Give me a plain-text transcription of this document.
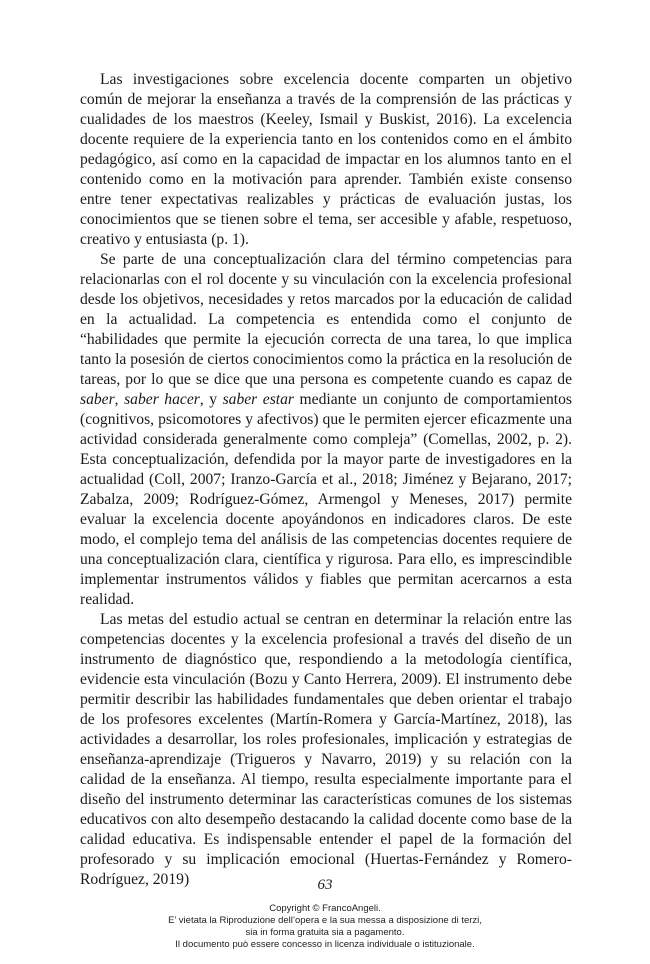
Las investigaciones sobre excelencia docente comparten un objetivo común de mejorar la enseñanza a través de la comprensión de las prácticas y cualidades de los maestros (Keeley, Ismail y Buskist, 2016). La excelencia docente requiere de la experiencia tanto en los contenidos como en el ámbito pedagógico, así como en la capacidad de impactar en los alumnos tanto en el contenido como en la motivación para aprender. También existe consenso entre tener expectativas realizables y prácticas de evaluación justas, los conocimientos que se tienen sobre el tema, ser accesible y afable, respetuoso, creativo y entusiasta (p. 1).

Se parte de una conceptualización clara del término competencias para relacionarlas con el rol docente y su vinculación con la excelencia profesional desde los objetivos, necesidades y retos marcados por la educación de calidad en la actualidad. La competencia es entendida como el conjunto de “habilidades que permite la ejecución correcta de una tarea, lo que implica tanto la posesión de ciertos conocimientos como la práctica en la resolución de tareas, por lo que se dice que una persona es competente cuando es capaz de saber, saber hacer, y saber estar mediante un conjunto de comportamientos (cognitivos, psicomotores y afectivos) que le permiten ejercer eficazmente una actividad considerada generalmente como compleja” (Comellas, 2002, p. 2). Esta conceptualización, defendida por la mayor parte de investigadores en la actualidad (Coll, 2007; Iranzo-García et al., 2018; Jiménez y Bejarano, 2017; Zabalza, 2009; Rodríguez-Gómez, Armengol y Meneses, 2017) permite evaluar la excelencia docente apoyándonos en indicadores claros. De este modo, el complejo tema del análisis de las competencias docentes requiere de una conceptualización clara, científica y rigurosa. Para ello, es imprescindible implementar instrumentos válidos y fiables que permitan acercarnos a esta realidad.

Las metas del estudio actual se centran en determinar la relación entre las competencias docentes y la excelencia profesional a través del diseño de un instrumento de diagnóstico que, respondiendo a la metodología científica, evidencie esta vinculación (Bozu y Canto Herrera, 2009). El instrumento debe permitir describir las habilidades fundamentales que deben orientar el trabajo de los profesores excelentes (Martín-Romera y García-Martínez, 2018), las actividades a desarrollar, los roles profesionales, implicación y estrategias de enseñanza-aprendizaje (Trigueros y Navarro, 2019) y su relación con la calidad de la enseñanza. Al tiempo, resulta especialmente importante para el diseño del instrumento determinar las características comunes de los sistemas educativos con alto desempeño destacando la calidad docente como base de la calidad educativa. Es indispensable entender el papel de la formación del profesorado y su implicación emocional (Huertas-Fernández y Romero-Rodríguez, 2019)	63
Copyright © FrancoAngeli.
E’ vietata la Riproduzione dell’opera e la sua messa a disposizione di terzi,
sia in forma gratuita sia a pagamento.
Il documento può essere concesso in licenza individuale o istituzionale.
